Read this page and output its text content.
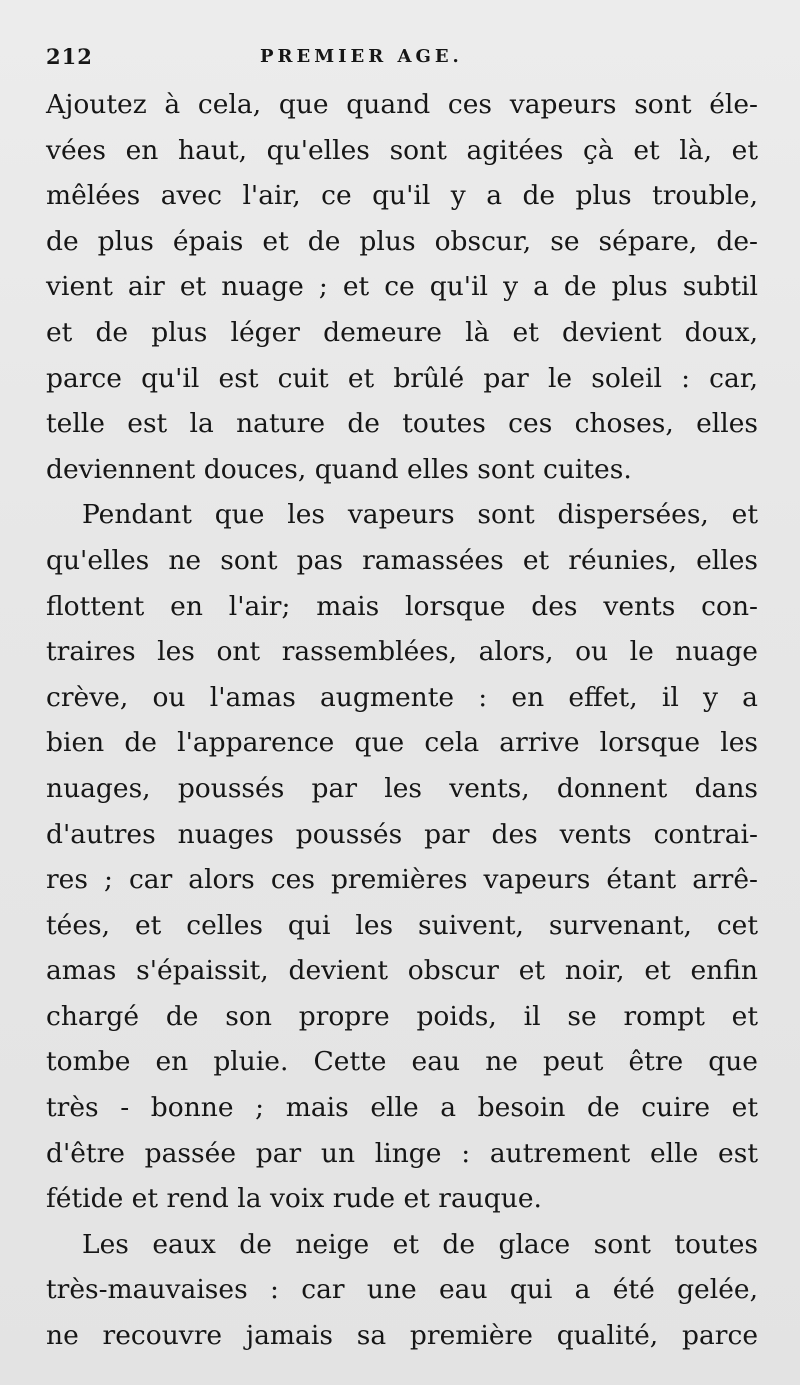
212	PREMIER AGE.

Ajoutez à cela, que quand ces vapeurs sont éle-
vées en haut, qu'elles sont agitées çà et là, et
mêlées avec l'air, ce qu'il y a de plus trouble,
de plus épais et de plus obscur, se sépare, de-
vient air et nuage ; et ce qu'il y a de plus subtil
et de plus léger demeure là et devient doux,
parce qu'il est cuit et brûlé par le soleil : car,
telle est la nature de toutes ces choses, elles
deviennent douces, quand elles sont cuites.

Pendant que les vapeurs sont dispersées, et
qu'elles ne sont pas ramassées et réunies, elles
flottent en l'air; mais lorsque des vents con-
traires les ont rassemblées, alors, ou le nuage
crève, ou l'amas augmente : en effet, il y a
bien de l'apparence que cela arrive lorsque les
nuages, poussés par les vents, donnent dans
d'autres nuages poussés par des vents contrai-
res ; car alors ces premières vapeurs étant arrê-
tées, et celles qui les suivent, survenant, cet
amas s'épaissit, devient obscur et noir, et enfin
chargé de son propre poids, il se rompt et
tombe en pluie. Cette eau ne peut être que
très - bonne ; mais elle a besoin de cuire et
d'être passée par un linge : autrement elle est
fétide et rend la voix rude et rauque.

Les eaux de neige et de glace sont toutes
très-mauvaises : car une eau qui a été gelée,
ne recouvre jamais sa première qualité, parce
